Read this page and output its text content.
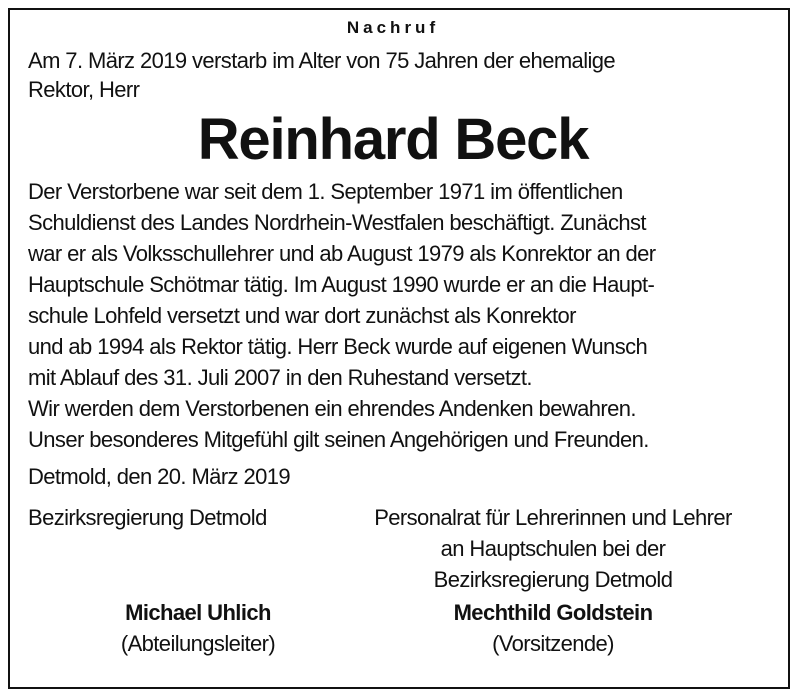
Nachruf
Am 7. März 2019 verstarb im Alter von 75 Jahren der ehemalige
Rektor, Herr
Reinhard Beck
Der Verstorbene war seit dem 1. September 1971 im öffentlichen
Schuldienst des Landes Nordrhein-Westfalen beschäftigt. Zunächst
war er als Volksschullehrer und ab August 1979 als Konrektor an der
Hauptschule Schötmar tätig. Im August 1990 wurde er an die Haupt-
schule Lohfeld versetzt und war dort zunächst als Konrektor
und ab 1994 als Rektor tätig. Herr Beck wurde auf eigenen Wunsch
mit Ablauf des 31. Juli 2007 in den Ruhestand versetzt.
Wir werden dem Verstorbenen ein ehrendes Andenken bewahren.
Unser besonderes Mitgefühl gilt seinen Angehörigen und Freunden.
Detmold, den 20. März 2019
Bezirksregierung Detmold	Personalrat für Lehrerinnen und Lehrer
an Hauptschulen bei der
Bezirksregierung Detmold
Michael Uhlich
(Abteilungsleiter)
Mechthild Goldstein
(Vorsitzende)
